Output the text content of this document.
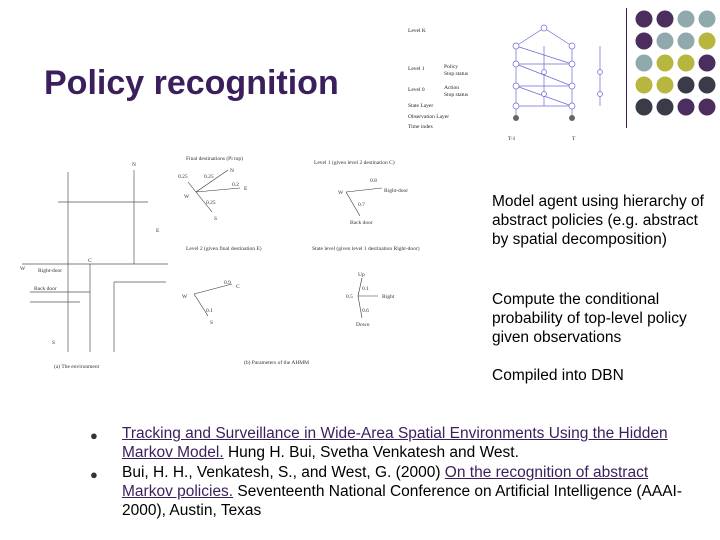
Policy recognition
Level K
Level 1	Policy
Stop status
Level 0	Action
Stop status
State Layer
Observation Layer
Time index
T-1	T
N
E
W
C
Right-door
Back door
S
(a) The environment
Final destinations (Pi top)
0.25	0.25
N
0.2
E
W
0.25
S
Level 1 (given level 2 destination C)
0.8
Right-door
W
0.7
Back door
Level 2 (given final destination E)	State level (given level 1 destination Right-door)
0.9
C
W
0.1
S
Up
0.1
0.5	Right
0.6
Down
(b) Parameters of the AHMM

Model agent using hierarchy of abstract policies (e.g. abstract by spatial decomposition)

Compute the conditional probability of top-level policy given observations

Compiled into DBN

● Tracking and Surveillance in Wide-Area Spatial Environments Using the Hidden Markov Model. Hung H. Bui, Svetha Venkatesh and West.
● Bui, H. H., Venkatesh, S., and West, G. (2000) On the recognition of abstract Markov policies. Seventeenth National Conference on Artificial Intelligence (AAAI-2000), Austin, Texas
